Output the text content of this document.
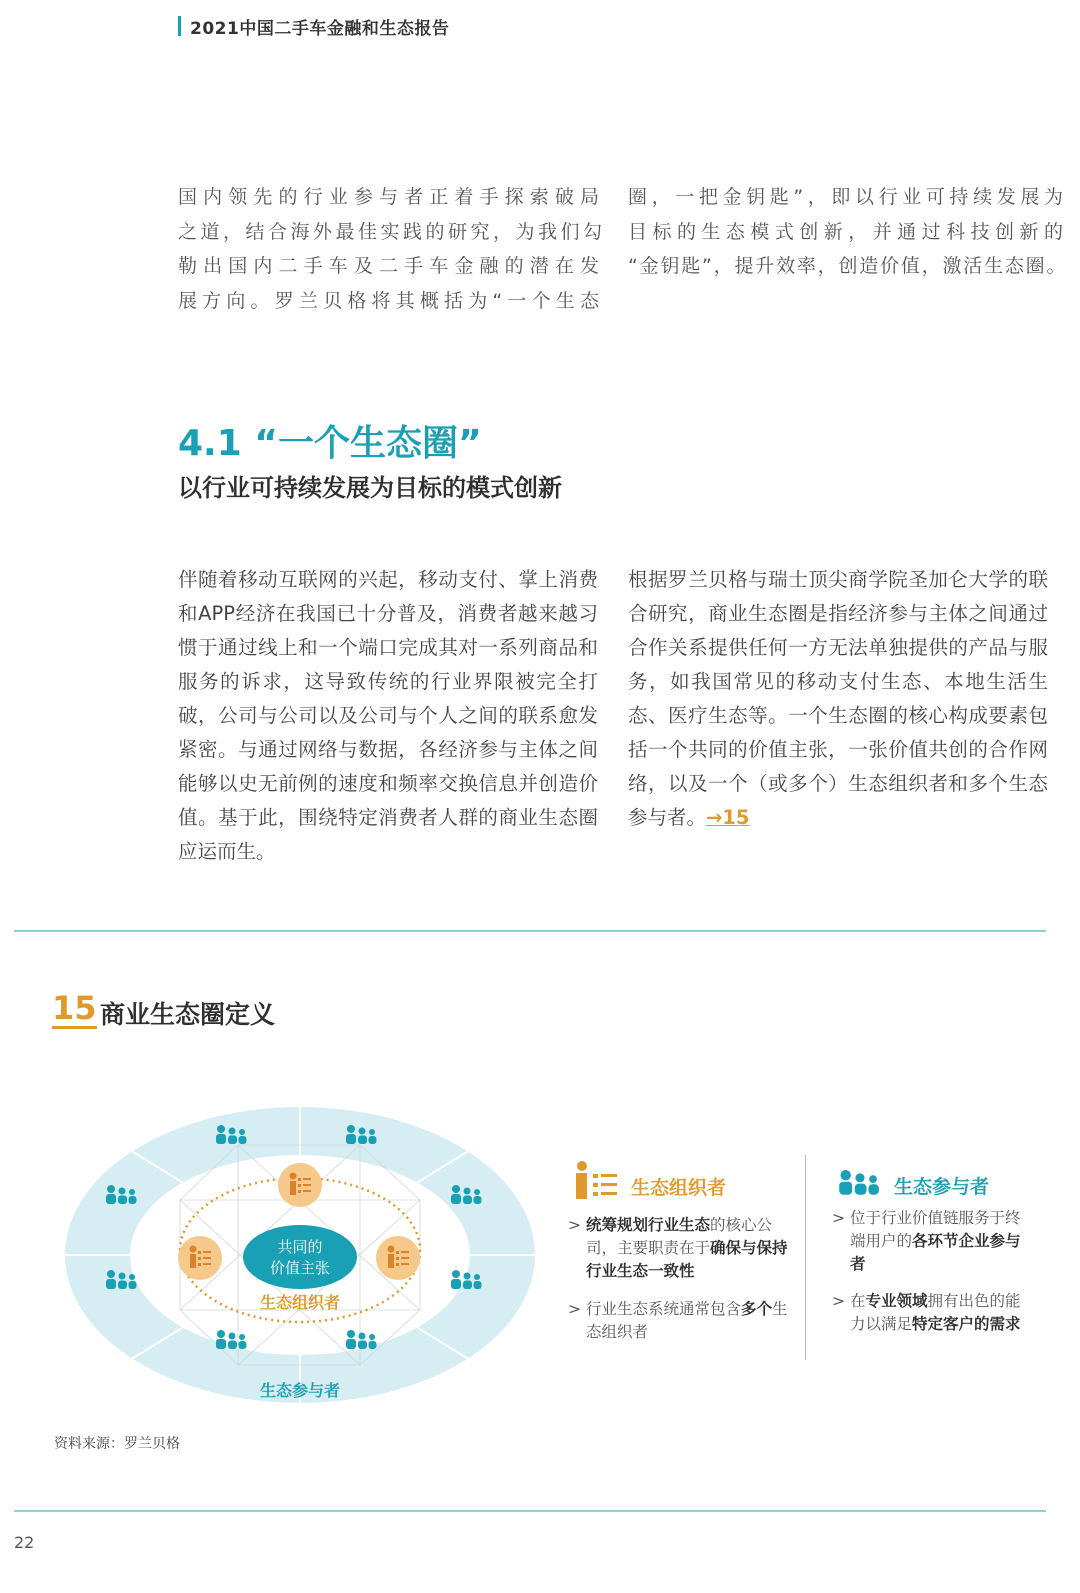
2021中国二手车金融和生态报告
国内领先的行业参与者正着手探索破局
之道，结合海外最佳实践的研究，为我们勾
勒出国内二手车及二手车金融的潜在发
展方向。罗兰贝格将其概括为“一个生态
圈，一把金钥匙”，即以行业可持续发展为
目标的生态模式创新，并通过科技创新的
“金钥匙”，提升效率，创造价值，激活生态圈。
4.1 “一个生态圈”
以行业可持续发展为目标的模式创新
伴随着移动互联网的兴起，移动支付、掌上消费和APP经济在我国已十分普及，消费者越来越习惯于通过线上和一个端口完成其对一系列商品和服务的诉求，这导致传统的行业界限被完全打破，公司与公司以及公司与个人之间的联系愈发紧密。与通过网络与数据，各经济参与主体之间能够以史无前例的速度和频率交换信息并创造价值。基于此，围绕特定消费者人群的商业生态圈应运而生。
根据罗兰贝格与瑞士顶尖商学院圣加仑大学的联合研究，商业生态圈是指经济参与主体之间通过合作关系提供任何一方无法单独提供的产品与服务，如我国常见的移动支付生态、本地生活生态、医疗生态等。一个生态圈的核心构成要素包括一个共同的价值主张，一张价值共创的合作网络，以及一个（或多个）生态组织者和多个生态参与者。→15
15 商业生态圈定义
共同的
价值主张
生态组织者
生态参与者
生态组织者
> 统筹规划行业生态的核心公司，主要职责在于确保与保持行业生态一致性
> 行业生态系统通常包含多个生态组织者
生态参与者
> 位于行业价值链服务于终端用户的各环节企业参与者
> 在专业领域拥有出色的能力以满足特定客户的需求
资料来源：罗兰贝格
22
